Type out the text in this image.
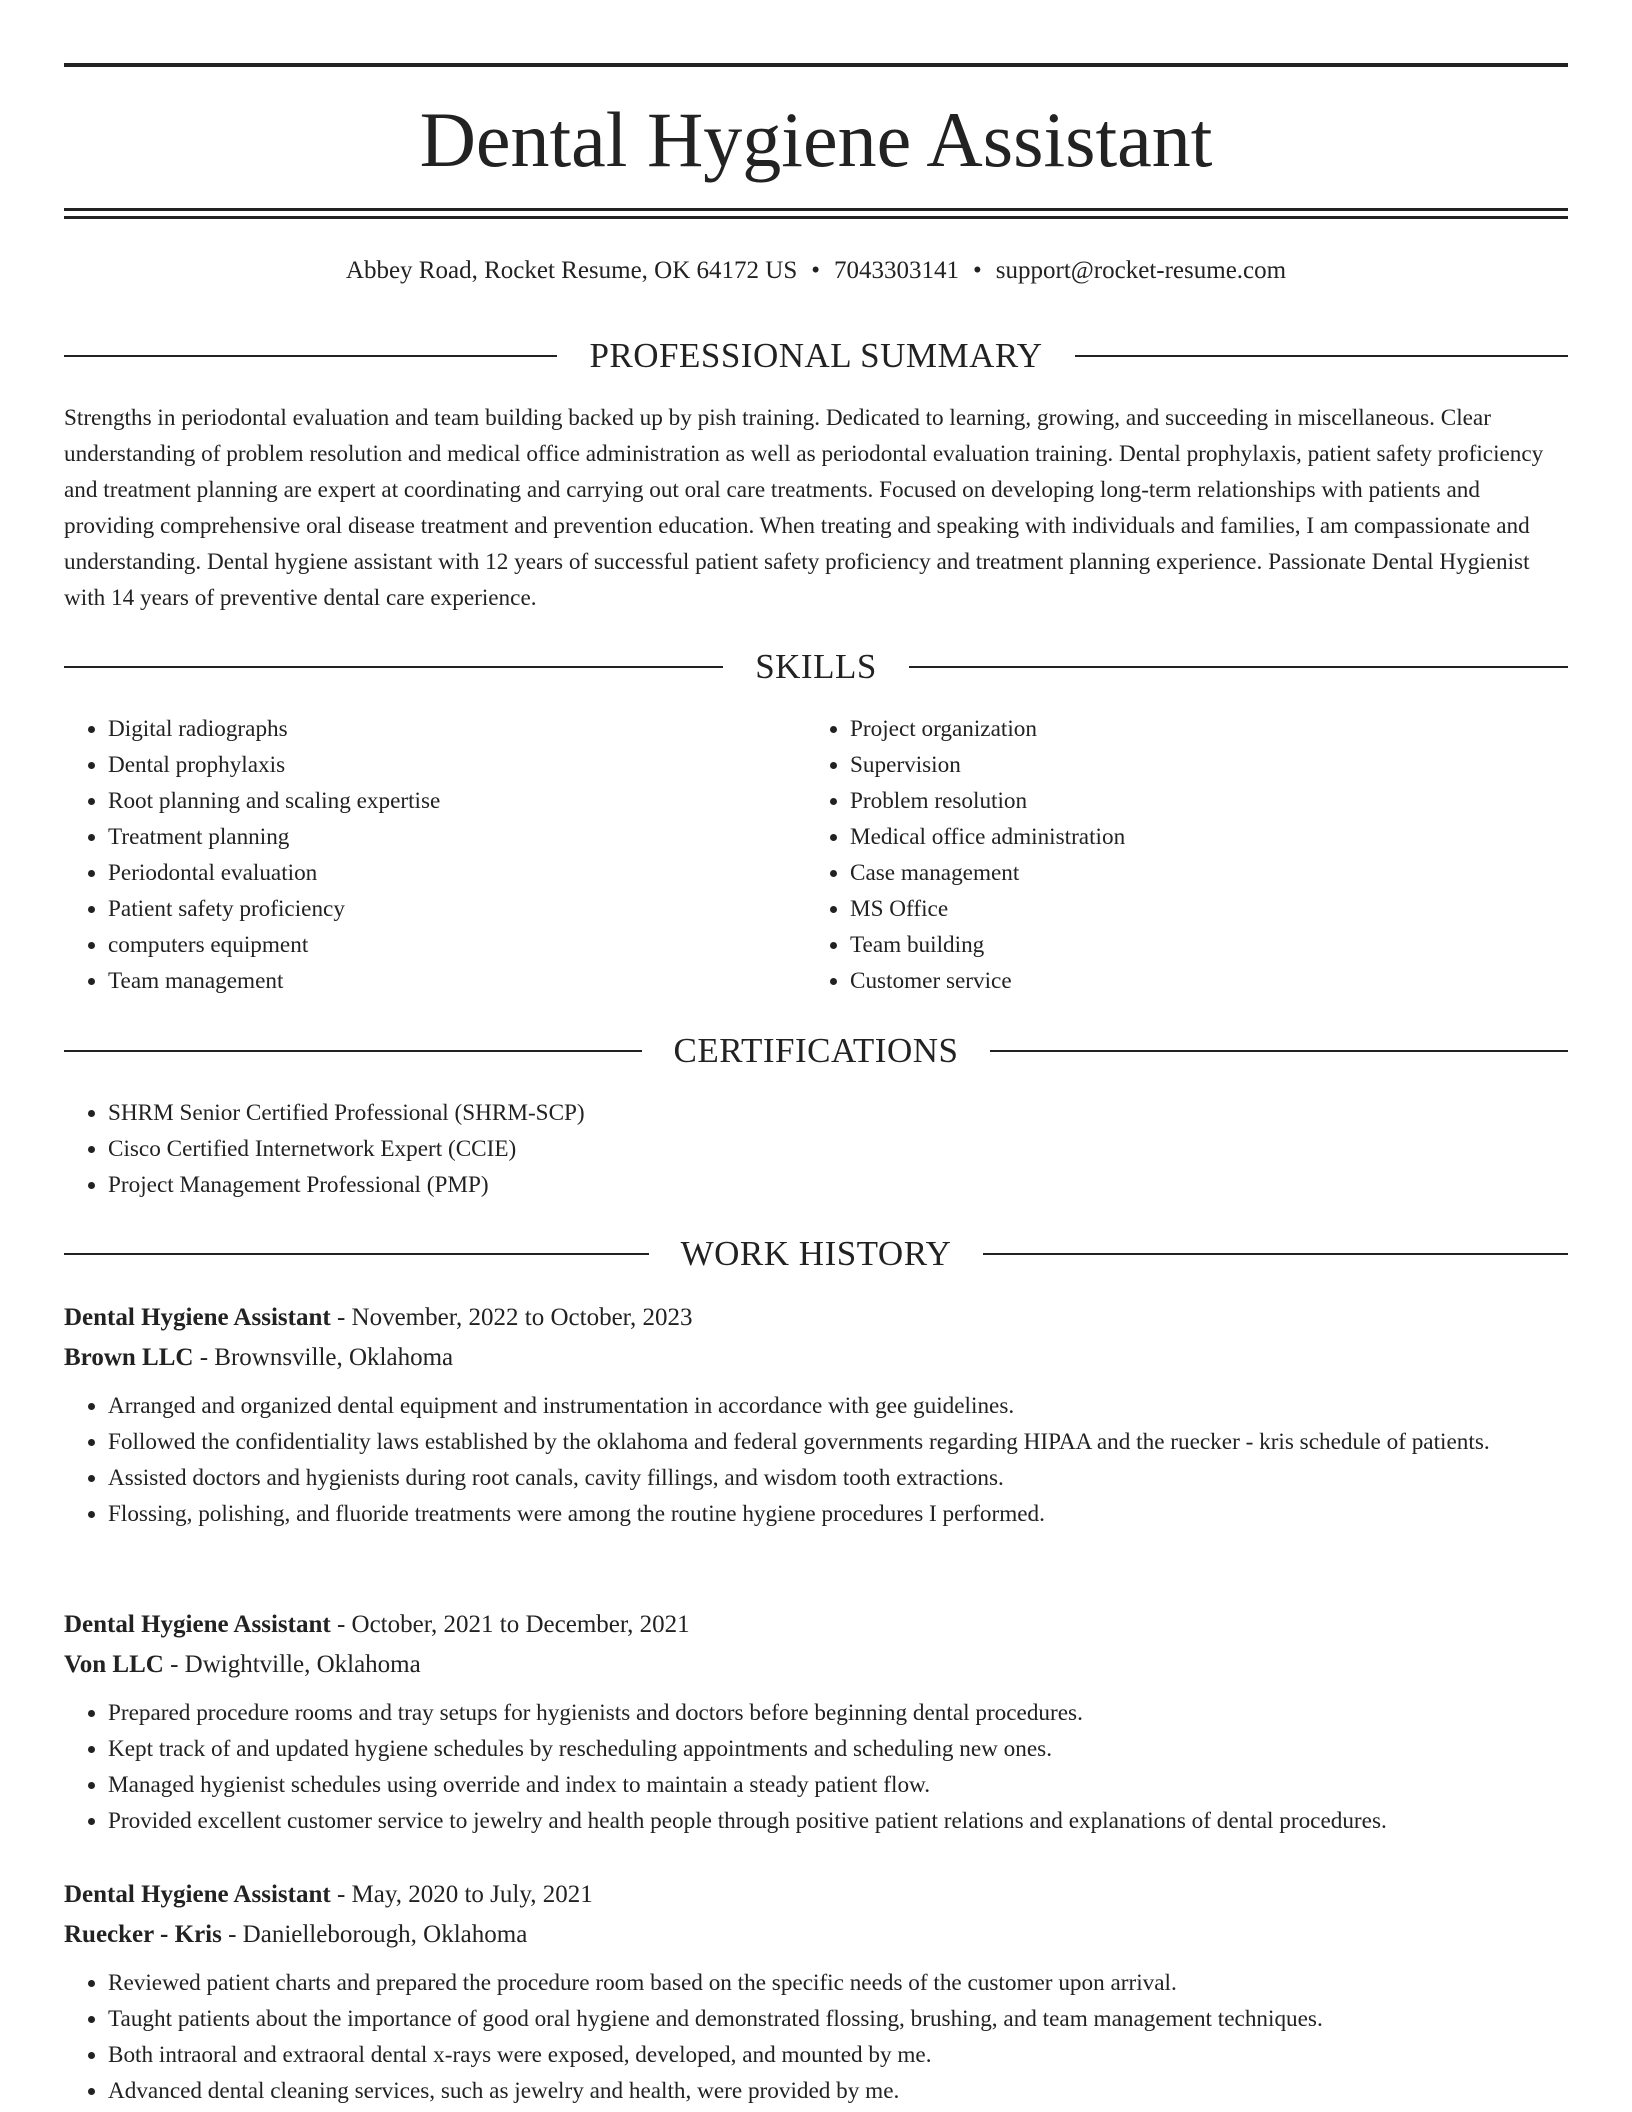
Dental Hygiene Assistant
Abbey Road, Rocket Resume, OK 64172 US • 7043303141 • support@rocket-resume.com
PROFESSIONAL SUMMARY

Strengths in periodontal evaluation and team building backed up by pish training. Dedicated to learning, growing, and succeeding in miscellaneous. Clear understanding of problem resolution and medical office administration as well as periodontal evaluation training. Dental prophylaxis, patient safety proficiency and treatment planning are expert at coordinating and carrying out oral care treatments. Focused on developing long-term relationships with patients and providing comprehensive oral disease treatment and prevention education. When treating and speaking with individuals and families, I am compassionate and understanding. Dental hygiene assistant with 12 years of successful patient safety proficiency and treatment planning experience. Passionate Dental Hygienist with 14 years of preventive dental care experience.

SKILLS
• Digital radiographs
• Dental prophylaxis
• Root planning and scaling expertise
• Treatment planning
• Periodontal evaluation
• Patient safety proficiency
• computers equipment
• Team management
• Project organization
• Supervision
• Problem resolution
• Medical office administration
• Case management
• MS Office
• Team building
• Customer service
CERTIFICATIONS
• SHRM Senior Certified Professional (SHRM-SCP)
• Cisco Certified Internetwork Expert (CCIE)
• Project Management Professional (PMP)
WORK HISTORY

Dental Hygiene Assistant - November, 2022 to October, 2023

Brown LLC - Brownsville, Oklahoma

• Arranged and organized dental equipment and instrumentation in accordance with gee guidelines.
• Followed the confidentiality laws established by the oklahoma and federal governments regarding HIPAA and the ruecker - kris schedule of patients.
• Assisted doctors and hygienists during root canals, cavity fillings, and wisdom tooth extractions.
• Flossing, polishing, and fluoride treatments were among the routine hygiene procedures I performed.

Dental Hygiene Assistant - October, 2021 to December, 2021

Von LLC - Dwightville, Oklahoma

• Prepared procedure rooms and tray setups for hygienists and doctors before beginning dental procedures.
• Kept track of and updated hygiene schedules by rescheduling appointments and scheduling new ones.
• Managed hygienist schedules using override and index to maintain a steady patient flow.
• Provided excellent customer service to jewelry and health people through positive patient relations and explanations of dental procedures.

Dental Hygiene Assistant - May, 2020 to July, 2021

Ruecker - Kris - Danielleborough, Oklahoma

• Reviewed patient charts and prepared the procedure room based on the specific needs of the customer upon arrival.
• Taught patients about the importance of good oral hygiene and demonstrated flossing, brushing, and team management techniques.
• Both intraoral and extraoral dental x-rays were exposed, developed, and mounted by me.
• Advanced dental cleaning services, such as jewelry and health, were provided by me.
